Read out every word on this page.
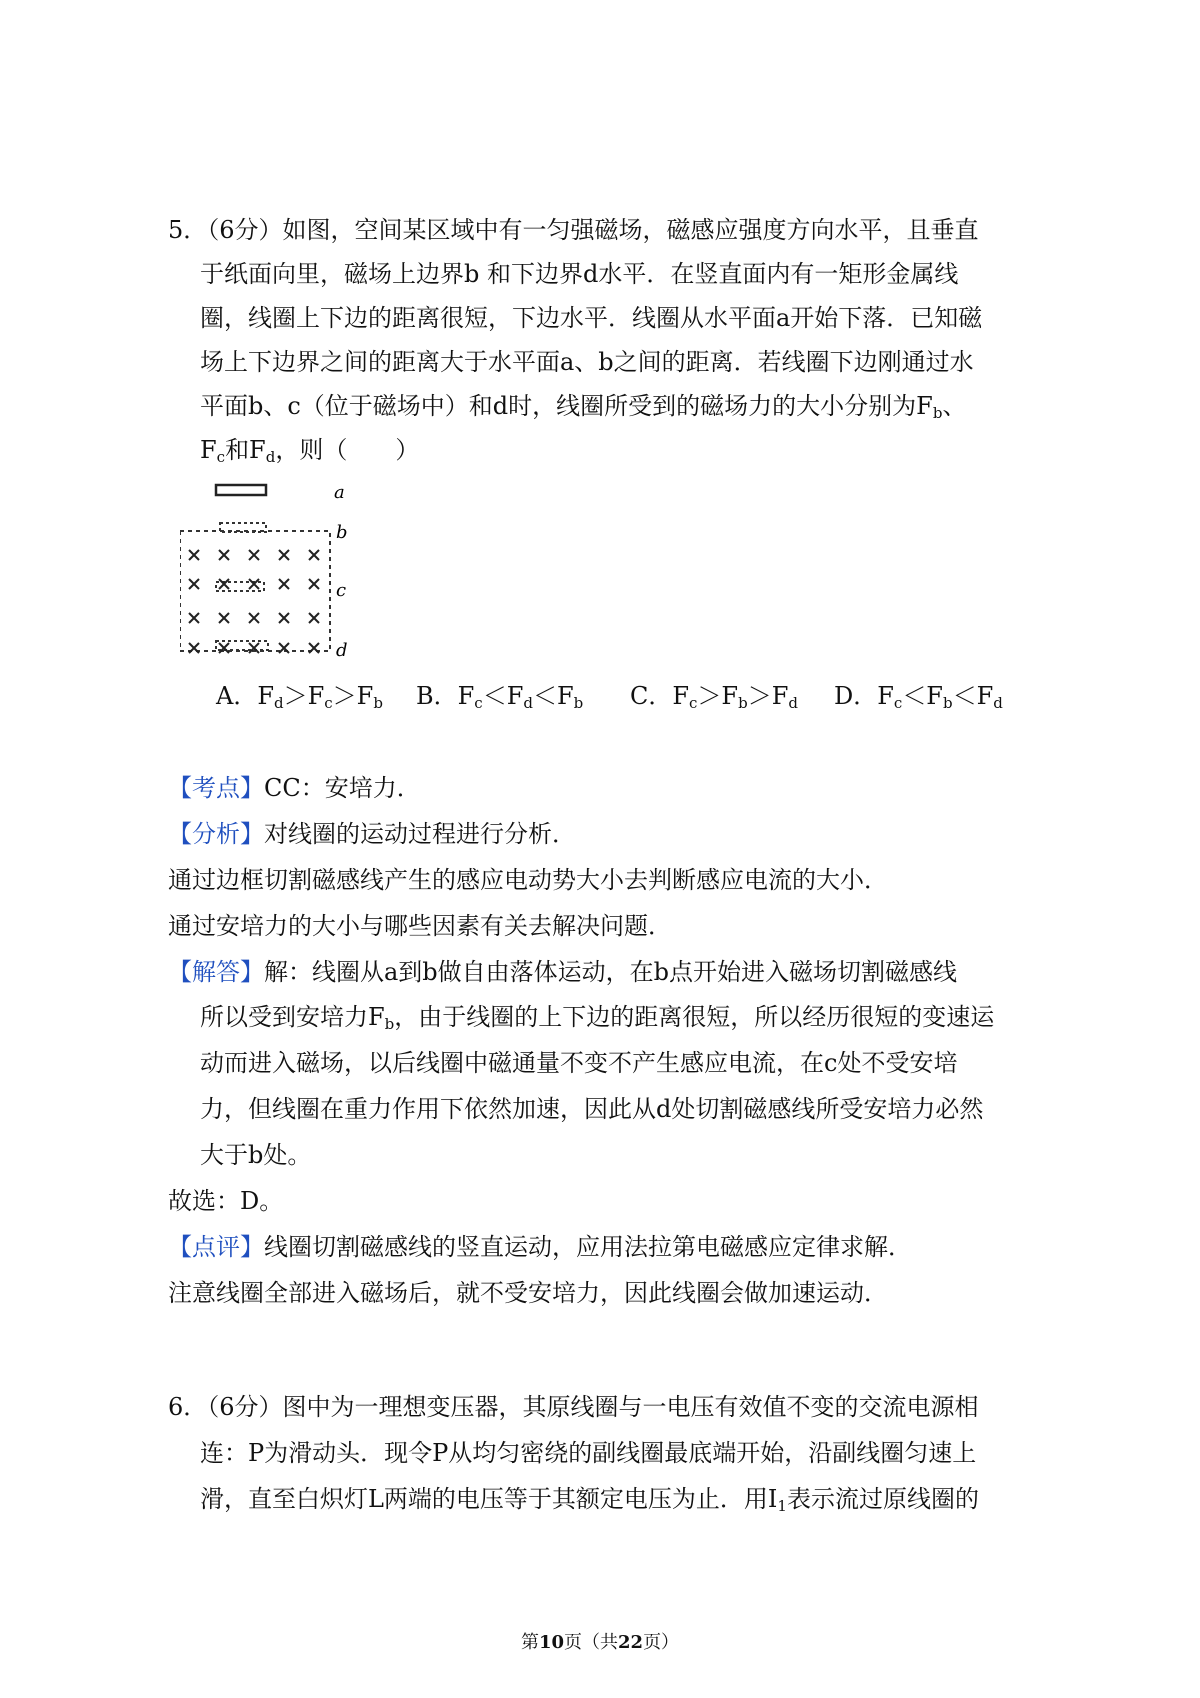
5．（6分）如图，空间某区域中有一匀强磁场，磁感应强度方向水平，且垂直
于纸面向里，磁场上边界b 和下边界d水平．在竖直面内有一矩形金属线
圈，线圈上下边的距离很短，下边水平．线圈从水平面a开始下落．已知磁
场上下边界之间的距离大于水平面a、b之间的距离．若线圈下边刚通过水
平面b、c（位于磁场中）和d时，线圈所受到的磁场力的大小分别为$F_b$、
$F_c$和$F_d$，则（　　）
a
b
c
d
A．$F_d>F_c>F_b$ B．$F_c<F_d<F_b$ C．$F_c>F_b>F_d$ D．$F_c<F_b<F_d$
【考点】CC：安培力．
【分析】对线圈的运动过程进行分析．
通过边框切割磁感线产生的感应电动势大小去判断感应电流的大小．
通过安培力的大小与哪些因素有关去解决问题．
【解答】解：线圈从a到b做自由落体运动，在b点开始进入磁场切割磁感线
所以受到安培力$F_b$，由于线圈的上下边的距离很短，所以经历很短的变速运
动而进入磁场，以后线圈中磁通量不变不产生感应电流，在c处不受安培
力，但线圈在重力作用下依然加速，因此从d处切割磁感线所受安培力必然
大于b处。
故选：D。
【点评】线圈切割磁感线的竖直运动，应用法拉第电磁感应定律求解．
注意线圈全部进入磁场后，就不受安培力，因此线圈会做加速运动．
6．（6分）图中为一理想变压器，其原线圈与一电压有效值不变的交流电源相
连：P为滑动头．现令P从均匀密绕的副线圈最底端开始，沿副线圈匀速上
滑，直至白炽灯L两端的电压等于其额定电压为止．用$I_1$表示流过原线圈的
第10页（共22页）
